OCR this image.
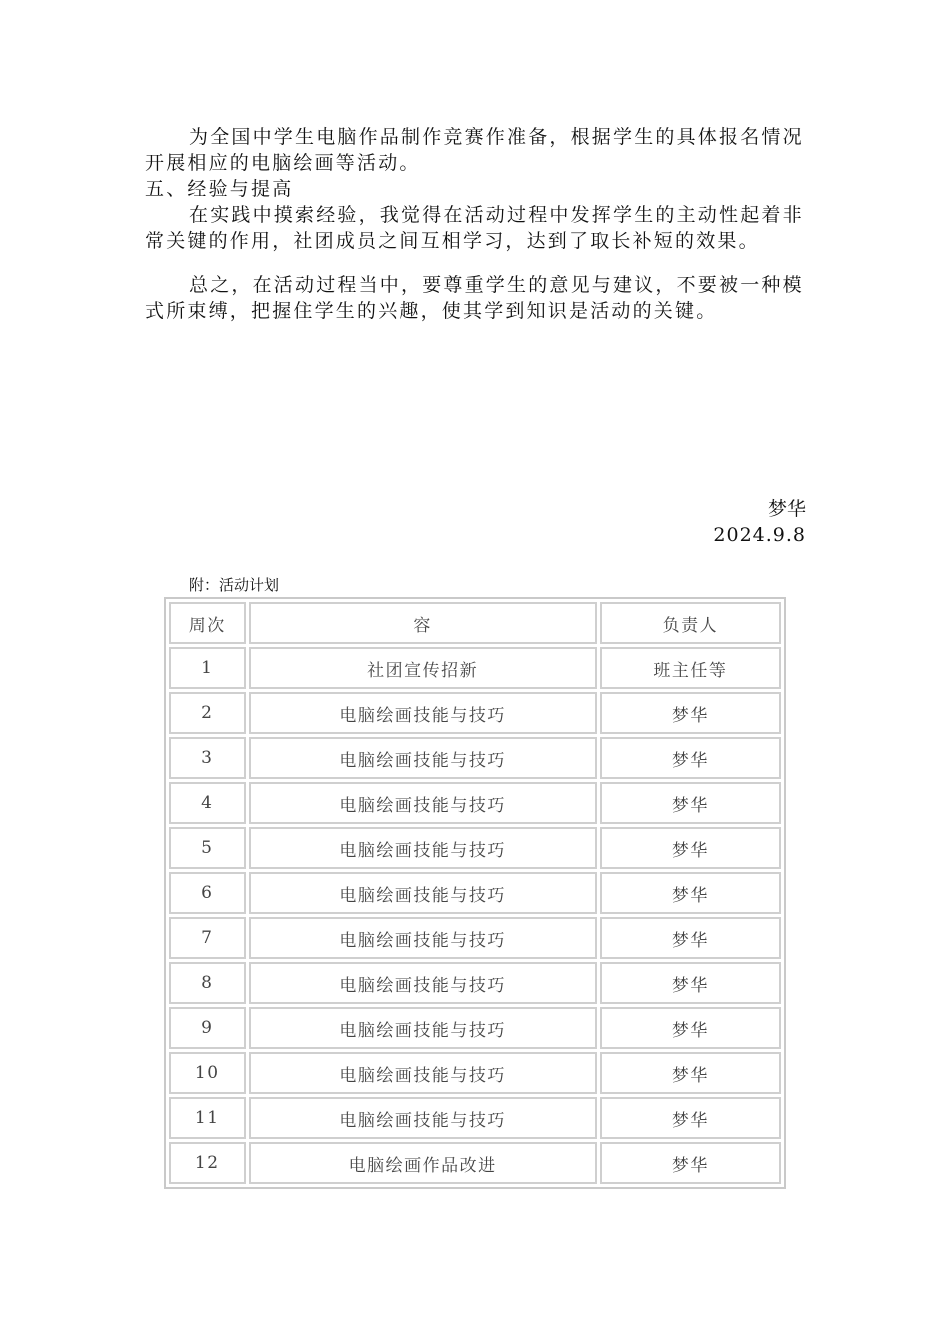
为全国中学生电脑作品制作竞赛作准备，根据学生的具体报名情况开展相应的电脑绘画等活动。
五、经验与提高
在实践中摸索经验，我觉得在活动过程中发挥学生的主动性起着非常关键的作用，社团成员之间互相学习，达到了取长补短的效果。
总之，在活动过程当中，要尊重学生的意见与建议，不要被一种模式所束缚，把握住学生的兴趣，使其学到知识是活动的关键。
梦华
2024.9.8
附：活动计划
周次	容	负责人
1	社团宣传招新	班主任等
2	电脑绘画技能与技巧	梦华
3	电脑绘画技能与技巧	梦华
4	电脑绘画技能与技巧	梦华
5	电脑绘画技能与技巧	梦华
6	电脑绘画技能与技巧	梦华
7	电脑绘画技能与技巧	梦华
8	电脑绘画技能与技巧	梦华
9	电脑绘画技能与技巧	梦华
10	电脑绘画技能与技巧	梦华
11	电脑绘画技能与技巧	梦华
12	电脑绘画作品改进	梦华
